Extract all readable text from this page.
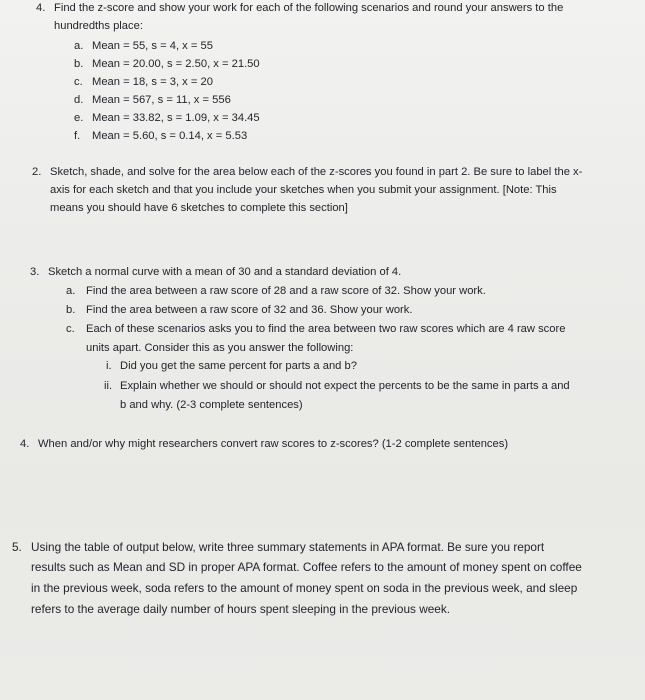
4. Find the z-score and show your work for each of the following scenarios and round your answers to the
hundredths place:
a. Mean = 55, s = 4, x = 55
b. Mean = 20.00, s = 2.50, x = 21.50
c. Mean = 18, s = 3, x = 20
d. Mean = 567, s = 11, x = 556
e. Mean = 33.82, s = 1.09, x = 34.45
f. Mean = 5.60, s = 0.14, x = 5.53
2. Sketch, shade, and solve for the area below each of the z-scores you found in part 2. Be sure to label the x-
axis for each sketch and that you include your sketches when you submit your assignment. [Note: This
means you should have 6 sketches to complete this section]
3. Sketch a normal curve with a mean of 30 and a standard deviation of 4.
a. Find the area between a raw score of 28 and a raw score of 32. Show your work.
b. Find the area between a raw score of 32 and 36. Show your work.
c. Each of these scenarios asks you to find the area between two raw scores which are 4 raw score
units apart. Consider this as you answer the following:
i. Did you get the same percent for parts a and b?
ii. Explain whether we should or should not expect the percents to be the same in parts a and
b and why. (2-3 complete sentences)
4. When and/or why might researchers convert raw scores to z-scores? (1-2 complete sentences)
5. Using the table of output below, write three summary statements in APA format. Be sure you report
results such as Mean and SD in proper APA format. Coffee refers to the amount of money spent on coffee
in the previous week, soda refers to the amount of money spent on soda in the previous week, and sleep
refers to the average daily number of hours spent sleeping in the previous week.
